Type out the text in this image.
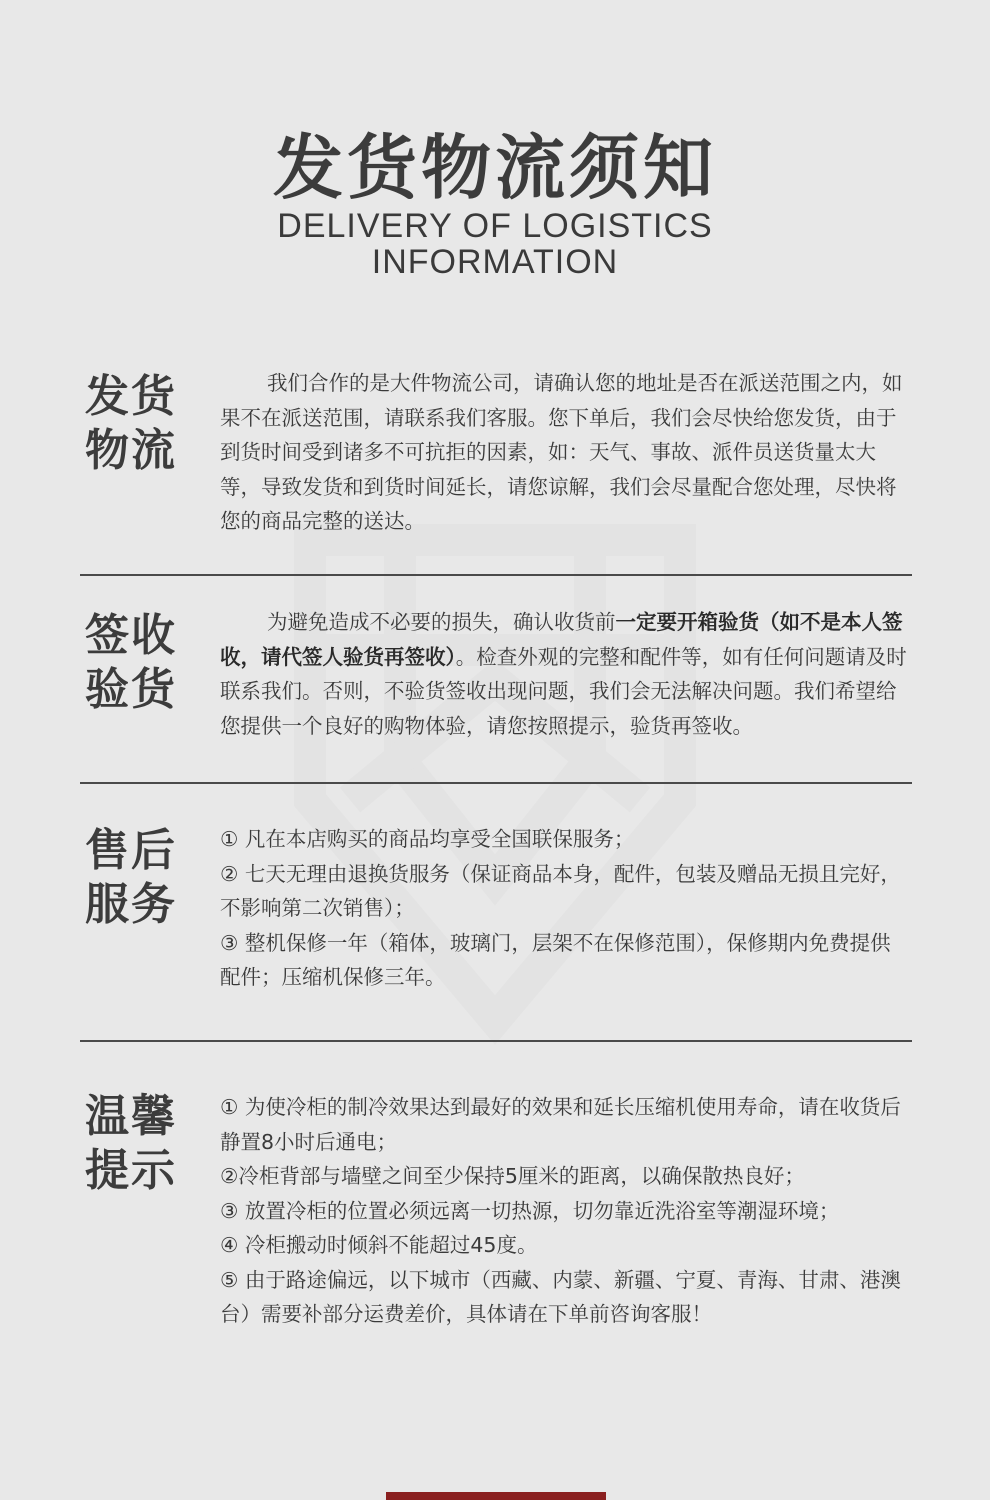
发货物流须知
DELIVERY OF LOGISTICS
INFORMATION
发货
物流

我们合作的是大件物流公司，请确认您的地址是否在派送范围之内，如果不在派送范围，请联系我们客服。您下单后，我们会尽快给您发货，由于到货时间受到诸多不可抗拒的因素，如：天气、事故、派件员送货量太大等，导致发货和到货时间延长，请您谅解，我们会尽量配合您处理，尽快将您的商品完整的送达。

签收
验货

为避免造成不必要的损失，确认收货前一定要开箱验货（如不是本人签收，请代签人验货再签收）。检查外观的完整和配件等，如有任何问题请及时联系我们。否则，不验货签收出现问题，我们会无法解决问题。我们希望给您提供一个良好的购物体验，请您按照提示，验货再签收。

售后
服务

① 凡在本店购买的商品均享受全国联保服务；

② 七天无理由退换货服务（保证商品本身，配件，包装及赠品无损且完好，不影响第二次销售）；

③ 整机保修一年（箱体，玻璃门，层架不在保修范围），保修期内免费提供配件；压缩机保修三年。

温馨
提示

① 为使冷柜的制冷效果达到最好的效果和延长压缩机使用寿命，请在收货后静置8小时后通电；

②冷柜背部与墙壁之间至少保持5厘米的距离，以确保散热良好；

③ 放置冷柜的位置必须远离一切热源，切勿靠近洗浴室等潮湿环境；

④ 冷柜搬动时倾斜不能超过45度。

⑤ 由于路途偏远，以下城市（西藏、内蒙、新疆、宁夏、青海、甘肃、港澳台）需要补部分运费差价，具体请在下单前咨询客服！
